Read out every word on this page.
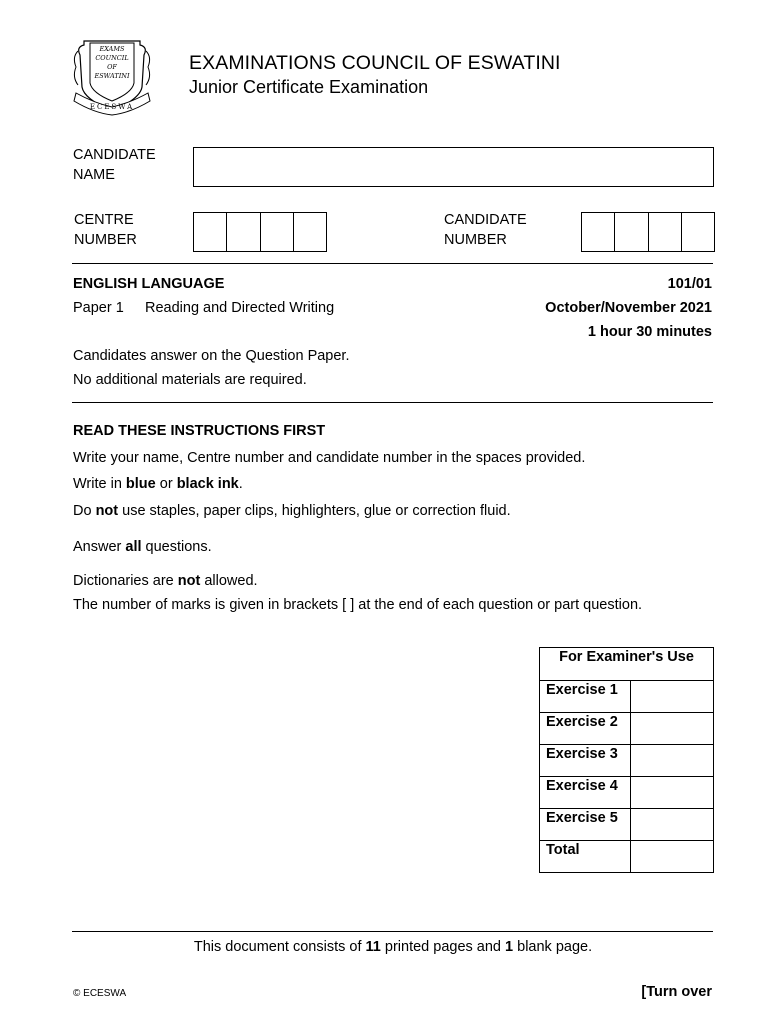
EXAMS
COUNCIL
OF
ESWATINI
ECESWA
EXAMINATIONS COUNCIL OF ESWATINI
Junior Certificate Examination
CANDIDATE
NAME
CENTRE
NUMBER
CANDIDATE
NUMBER
ENGLISH LANGUAGE	101/01
Paper 1 Reading and Directed Writing	October/November 2021
1 hour 30 minutes
Candidates answer on the Question Paper.
No additional materials are required.
READ THESE INSTRUCTIONS FIRST
Write your name, Centre number and candidate number in the spaces provided.
Write in blue or black ink.
Do not use staples, paper clips, highlighters, glue or correction fluid.
Answer all questions.
Dictionaries are not allowed.
The number of marks is given in brackets [ ] at the end of each question or part question.
For Examiner's Use	
Exercise 1	
Exercise 2	
Exercise 3	
Exercise 4	
Exercise 5	
Total	
This document consists of 11 printed pages and 1 blank page.
© ECESWA	[Turn over
